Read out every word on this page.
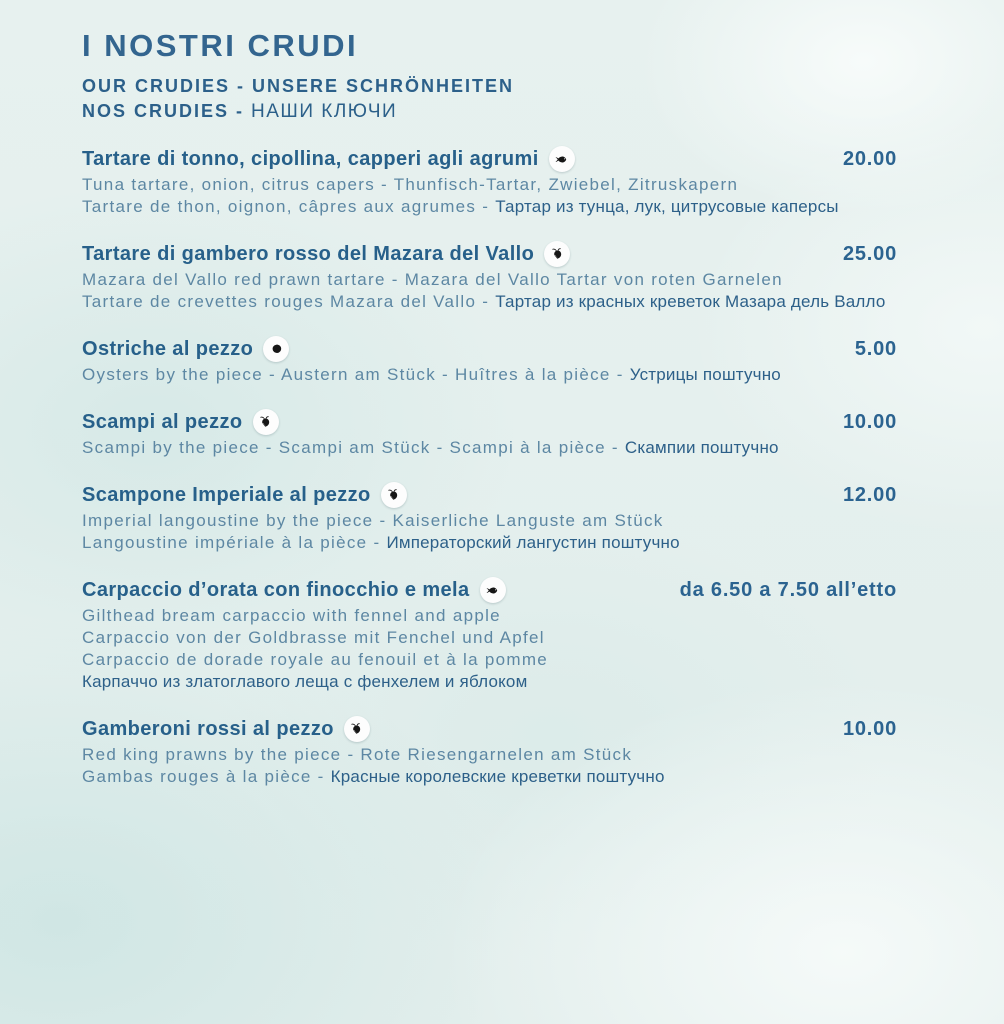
I NOSTRI CRUDI

OUR CRUDIES - UNSERE SCHRÖNHEITEN

NOS CRUDIES - НАШИ КЛЮЧИ

Tartare di tonno, cipollina, capperi agli agrumi	20.00

Tuna tartare, onion, citrus capers - Thunfisch-Tartar, Zwiebel, Zitruskapern

Tartare de thon, oignon, câpres aux agrumes - Тартар из тунца, лук, цитрусовые каперсы

Tartare di gambero rosso del Mazara del Vallo	25.00

Mazara del Vallo red prawn tartare - Mazara del Vallo Tartar von roten Garnelen

Tartare de crevettes rouges Mazara del Vallo - Тартар из красных креветок Мазара дель Валло

Ostriche al pezzo	5.00

Oysters by the piece - Austern am Stück - Huîtres à la pièce - Устрицы поштучно

Scampi al pezzo	10.00

Scampi by the piece - Scampi am Stück - Scampi à la pièce - Скампии поштучно

Scampone Imperiale al pezzo	12.00

Imperial langoustine by the piece - Kaiserliche Languste am Stück

Langoustine impériale à la pièce - Императорский лангустин поштучно

Carpaccio d’orata con finocchio e mela	da 6.50 a 7.50 all’etto

Gilthead bream carpaccio with fennel and apple

Carpaccio von der Goldbrasse mit Fenchel und Apfel

Carpaccio de dorade royale au fenouil et à la pomme

Карпаччо из златоглавого леща с фенхелем и яблоком

Gamberoni rossi al pezzo	10.00

Red king prawns by the piece - Rote Riesengarnelen am Stück

Gambas rouges à la pièce - Красные королевские креветки поштучно
